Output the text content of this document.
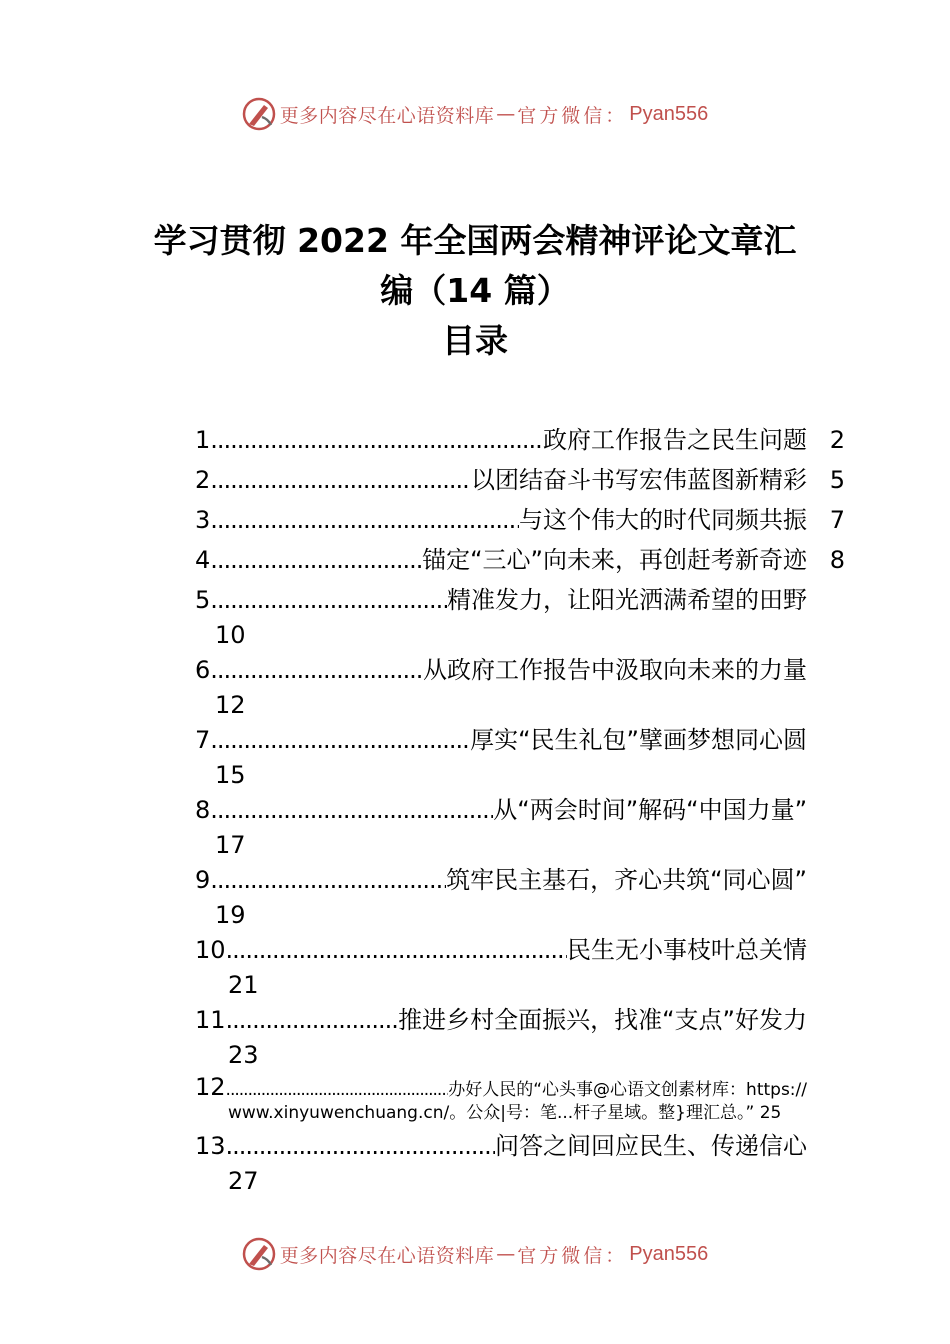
更多内容尽在心语资料库 — 官方微信： Pyan556
学习贯彻 2022 年全国两会精神评论文章汇
编（14 篇）
目录
1 .....	政府工作报告之民生问题 2
2 .....	以团结奋斗书写宏伟蓝图新精彩 5
3 .....	与这个伟大的时代同频共振 7
4 .....	锚定“三心”向未来，再创赶考新奇迹 8
5 .....	精准发力，让阳光洒满希望的田野
10
6 .....	从政府工作报告中汲取向未来的力量
12
7 .....	厚实“民生礼包”擘画梦想同心圆
15
8 .....	从“两会时间”解码“中国力量”
17
9 .....	筑牢民主基石，齐心共筑“同心圆”
19
10 .....	民生无小事枝叶总关情
21
11 .....	推进乡村全面振兴，找准“支点”好发力
23
12 .....	办好人民的“心头事@心语文创素材库：https://
www.xinyuwenchuang.cn/。公众|号：笔...杆子星域。整}理汇总。” 25
13 .....	问答之间回应民生、传递信心
27
更多内容尽在心语资料库 — 官方微信： Pyan556
